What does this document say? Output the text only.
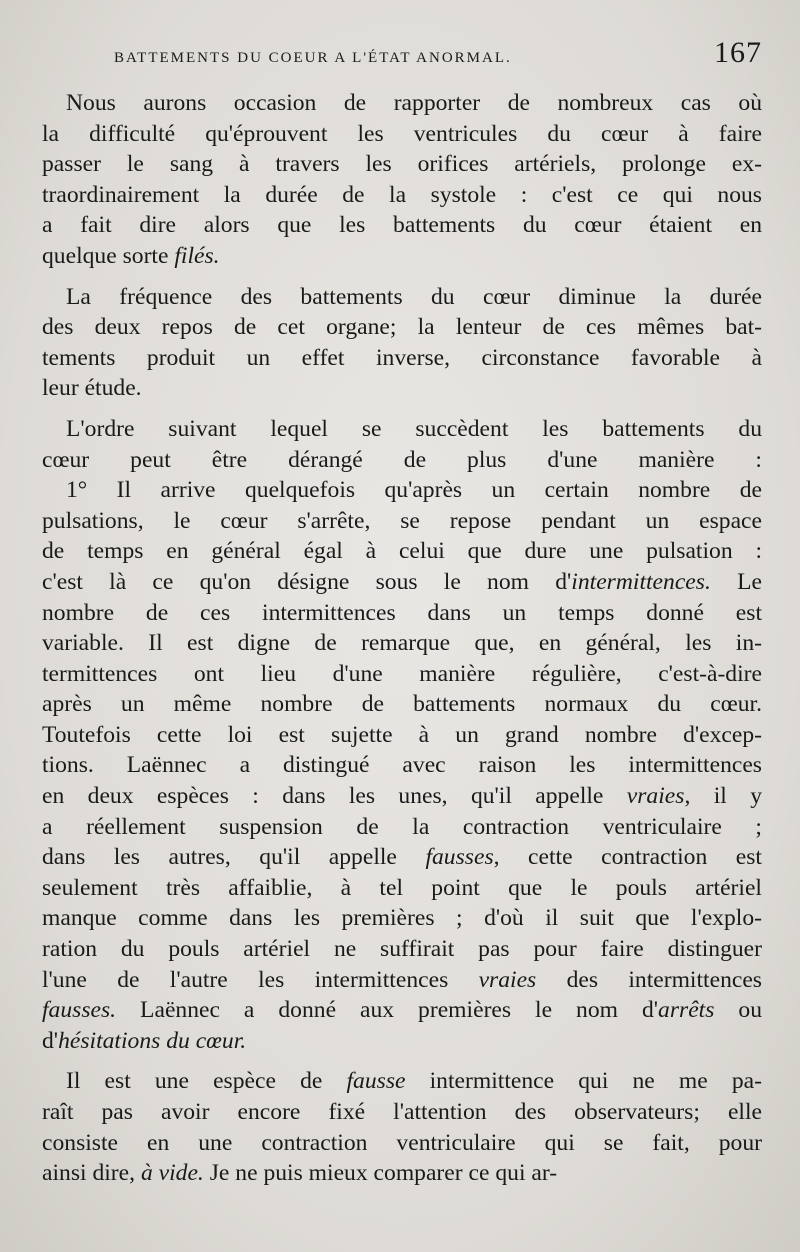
BATTEMENTS DU COEUR A L'ÉTAT ANORMAL.	167
Nous aurons occasion de rapporter de nombreux cas où
la difficulté qu'éprouvent les ventricules du cœur à faire
passer le sang à travers les orifices artériels, prolonge ex-
traordinairement la durée de la systole : c'est ce qui nous
a fait dire alors que les battements du cœur étaient en
quelque sorte filés.
La fréquence des battements du cœur diminue la durée
des deux repos de cet organe; la lenteur de ces mêmes bat-
tements produit un effet inverse, circonstance favorable à
leur étude.
L'ordre suivant lequel se succèdent les battements du
cœur peut être dérangé de plus d'une manière :
1° Il arrive quelquefois qu'après un certain nombre de
pulsations, le cœur s'arrête, se repose pendant un espace
de temps en général égal à celui que dure une pulsation :
c'est là ce qu'on désigne sous le nom d'intermittences. Le
nombre de ces intermittences dans un temps donné est
variable. Il est digne de remarque que, en général, les in-
termittences ont lieu d'une manière régulière, c'est-à-dire
après un même nombre de battements normaux du cœur.
Toutefois cette loi est sujette à un grand nombre d'excep-
tions. Laënnec a distingué avec raison les intermittences
en deux espèces : dans les unes, qu'il appelle vraies, il y
a réellement suspension de la contraction ventriculaire ;
dans les autres, qu'il appelle fausses, cette contraction est
seulement très affaiblie, à tel point que le pouls artériel
manque comme dans les premières ; d'où il suit que l'explo-
ration du pouls artériel ne suffirait pas pour faire distinguer
l'une de l'autre les intermittences vraies des intermittences
fausses. Laënnec a donné aux premières le nom d'arrêts ou
d'hésitations du cœur.
Il est une espèce de fausse intermittence qui ne me pa-
raît pas avoir encore fixé l'attention des observateurs; elle
consiste en une contraction ventriculaire qui se fait, pour
ainsi dire, à vide. Je ne puis mieux comparer ce qui ar-
